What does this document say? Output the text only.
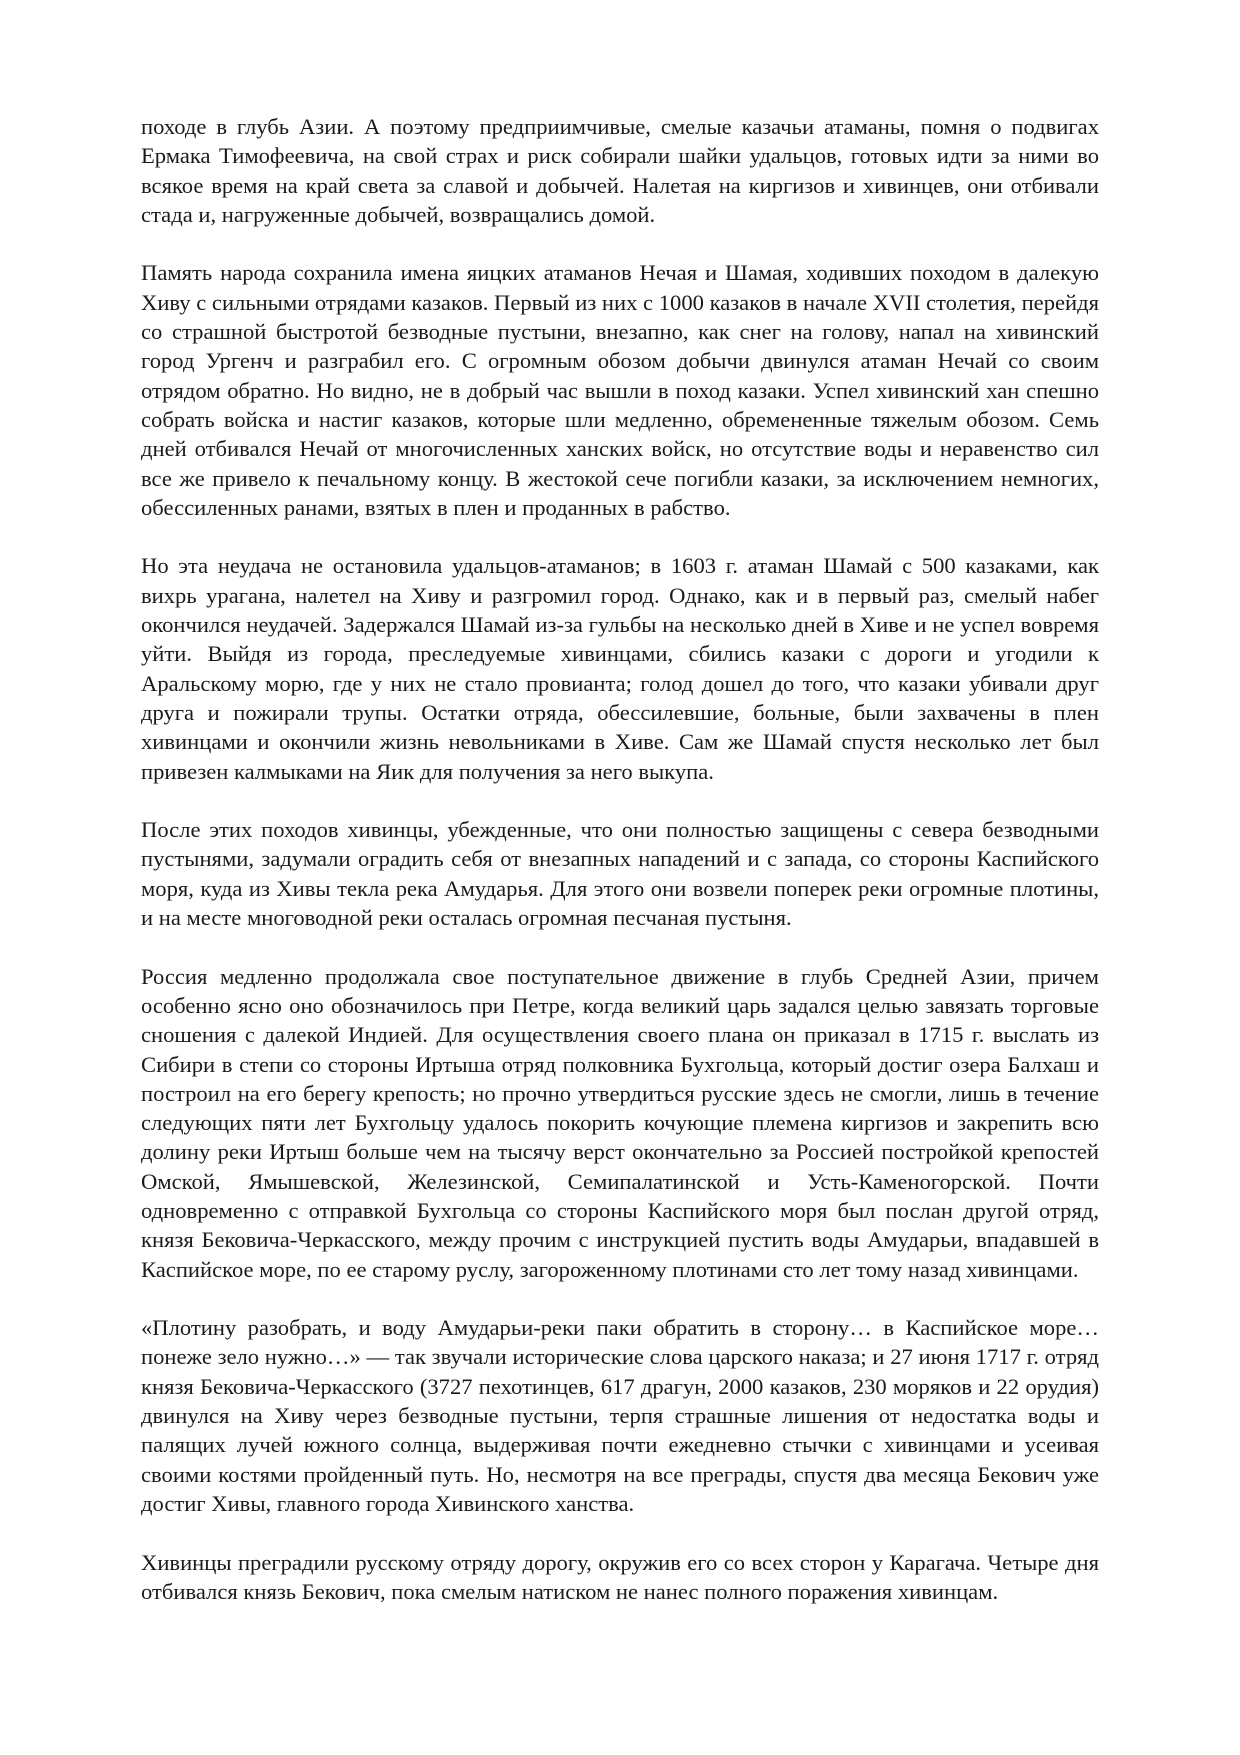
походе в глубь Азии. А поэтому предприимчивые, смелые казачьи атаманы, помня о подвигах Ермака Тимофеевича, на свой страх и риск собирали шайки удальцов, готовых идти за ними во всякое время на край света за славой и добычей. Налетая на киргизов и хивинцев, они отбивали стада и, нагруженные добычей, возвращались домой.

Память народа сохранила имена яицких атаманов Нечая и Шамая, ходивших походом в далекую Хиву с сильными отрядами казаков. Первый из них с 1000 казаков в начале XVII столетия, перейдя со страшной быстротой безводные пустыни, внезапно, как снег на голову, напал на хивинский город Ургенч и разграбил его. С огромным обозом добычи двинулся атаман Нечай со своим отрядом обратно. Но видно, не в добрый час вышли в поход казаки. Успел хивинский хан спешно собрать войска и настиг казаков, которые шли медленно, обремененные тяжелым обозом. Семь дней отбивался Нечай от многочисленных ханских войск, но отсутствие воды и неравенство сил все же привело к печальному концу. В жестокой сече погибли казаки, за исключением немногих, обессиленных ранами, взятых в плен и проданных в рабство.

Но эта неудача не остановила удальцов-атаманов; в 1603 г. атаман Шамай с 500 казаками, как вихрь урагана, налетел на Хиву и разгромил город. Однако, как и в первый раз, смелый набег окончился неудачей. Задержался Шамай из-за гульбы на несколько дней в Хиве и не успел вовремя уйти. Выйдя из города, преследуемые хивинцами, сбились казаки с дороги и угодили к Аральскому морю, где у них не стало провианта; голод дошел до того, что казаки убивали друг друга и пожирали трупы. Остатки отряда, обессилевшие, больные, были захвачены в плен хивинцами и окончили жизнь невольниками в Хиве. Сам же Шамай спустя несколько лет был привезен калмыками на Яик для получения за него выкупа.

После этих походов хивинцы, убежденные, что они полностью защищены с севера безводными пустынями, задумали оградить себя от внезапных нападений и с запада, со стороны Каспийского моря, куда из Хивы текла река Амударья. Для этого они возвели поперек реки огромные плотины, и на месте многоводной реки осталась огромная песчаная пустыня.

Россия медленно продолжала свое поступательное движение в глубь Средней Азии, причем особенно ясно оно обозначилось при Петре, когда великий царь задался целью завязать торговые сношения с далекой Индией. Для осуществления своего плана он приказал в 1715 г. выслать из Сибири в степи со стороны Иртыша отряд полковника Бухгольца, который достиг озера Балхаш и построил на его берегу крепость; но прочно утвердиться русские здесь не смогли, лишь в течение следующих пяти лет Бухгольцу удалось покорить кочующие племена киргизов и закрепить всю долину реки Иртыш больше чем на тысячу верст окончательно за Россией постройкой крепостей Омской, Ямышевской, Железинской, Семипалатинской и Усть-Каменогорской. Почти одновременно с отправкой Бухгольца со стороны Каспийского моря был послан другой отряд, князя Бековича-Черкасского, между прочим с инструкцией пустить воды Амударьи, впадавшей в Каспийское море, по ее старому руслу, загороженному плотинами сто лет тому назад хивинцами.

«Плотину разобрать, и воду Амударьи-реки паки обратить в сторону… в Каспийское море… понеже зело нужно…» — так звучали исторические слова царского наказа; и 27 июня 1717 г. отряд князя Бековича-Черкасского (3727 пехотинцев, 617 драгун, 2000 казаков, 230 моряков и 22 орудия) двинулся на Хиву через безводные пустыни, терпя страшные лишения от недостатка воды и палящих лучей южного солнца, выдерживая почти ежедневно стычки с хивинцами и усеивая своими костями пройденный путь. Но, несмотря на все преграды, спустя два месяца Бекович уже достиг Хивы, главного города Хивинского ханства.

Хивинцы преградили русскому отряду дорогу, окружив его со всех сторон у Карагача. Четыре дня отбивался князь Бекович, пока смелым натиском не нанес полного поражения хивинцам.
